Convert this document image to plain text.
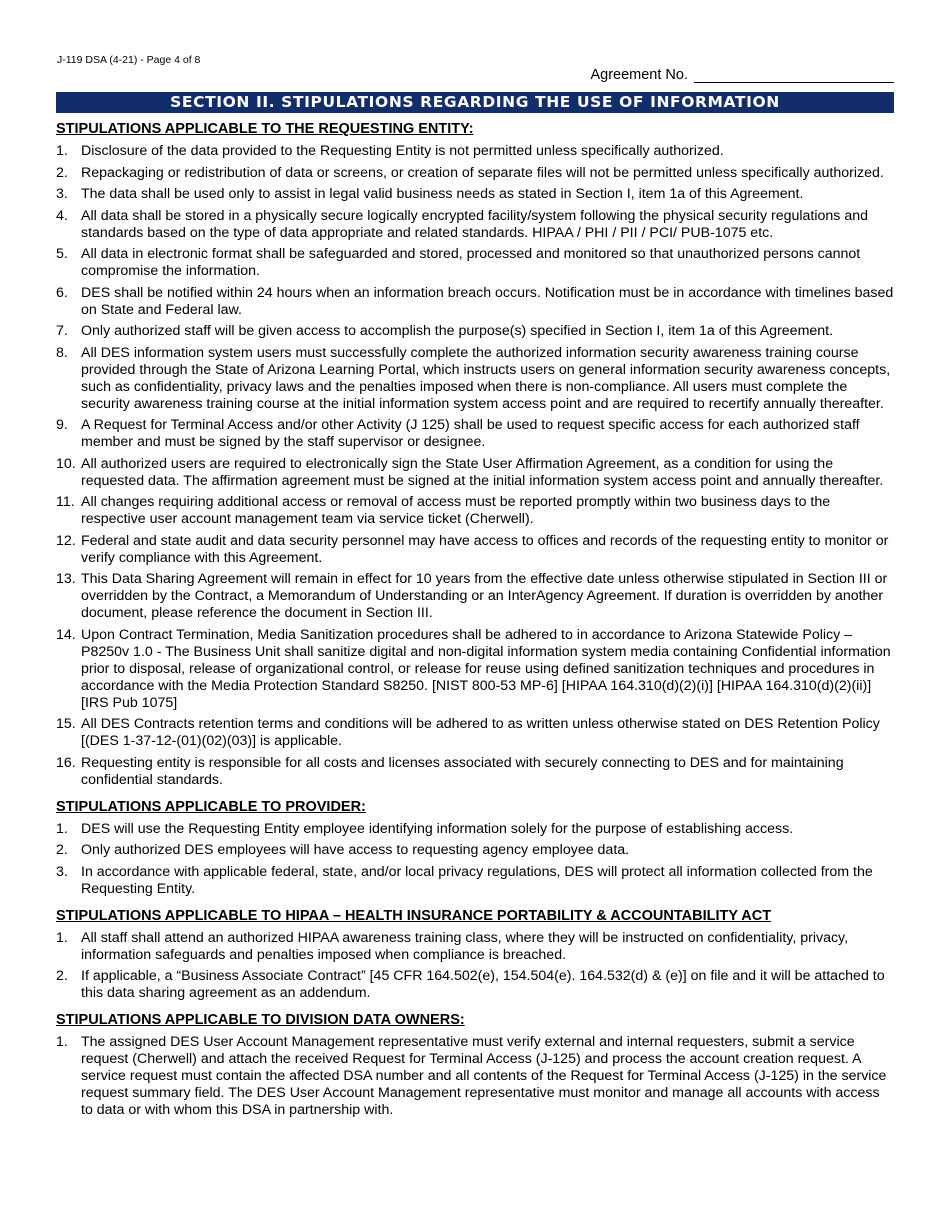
J-119 DSA (4-21) - Page 4 of 8
Agreement No.
SECTION II. STIPULATIONS REGARDING THE USE OF INFORMATION
STIPULATIONS APPLICABLE TO THE REQUESTING ENTITY:
1. Disclosure of the data provided to the Requesting Entity is not permitted unless specifically authorized.
2. Repackaging or redistribution of data or screens, or creation of separate files will not be permitted unless specifically authorized.
3. The data shall be used only to assist in legal valid business needs as stated in Section I, item 1a of this Agreement.
4. All data shall be stored in a physically secure logically encrypted facility/system following the physical security regulations and standards based on the type of data appropriate and related standards. HIPAA / PHI / PII / PCI/ PUB-1075 etc.
5. All data in electronic format shall be safeguarded and stored, processed and monitored so that unauthorized persons cannot compromise the information.
6. DES shall be notified within 24 hours when an information breach occurs. Notification must be in accordance with timelines based on State and Federal law.
7. Only authorized staff will be given access to accomplish the purpose(s) specified in Section I, item 1a of this Agreement.
8. All DES information system users must successfully complete the authorized information security awareness training course provided through the State of Arizona Learning Portal, which instructs users on general information security awareness concepts, such as confidentiality, privacy laws and the penalties imposed when there is non-compliance. All users must complete the security awareness training course at the initial information system access point and are required to recertify annually thereafter.
9. A Request for Terminal Access and/or other Activity (J 125) shall be used to request specific access for each authorized staff member and must be signed by the staff supervisor or designee.
10. All authorized users are required to electronically sign the State User Affirmation Agreement, as a condition for using the requested data. The affirmation agreement must be signed at the initial information system access point and annually thereafter.
11. All changes requiring additional access or removal of access must be reported promptly within two business days to the respective user account management team via service ticket (Cherwell).
12. Federal and state audit and data security personnel may have access to offices and records of the requesting entity to monitor or verify compliance with this Agreement.
13. This Data Sharing Agreement will remain in effect for 10 years from the effective date unless otherwise stipulated in Section III or overridden by the Contract, a Memorandum of Understanding or an InterAgency Agreement. If duration is overridden by another document, please reference the document in Section III.
14. Upon Contract Termination, Media Sanitization procedures shall be adhered to in accordance to Arizona Statewide Policy – P8250v 1.0 - The Business Unit shall sanitize digital and non-digital information system media containing Confidential information prior to disposal, release of organizational control, or release for reuse using defined sanitization techniques and procedures in accordance with the Media Protection Standard S8250. [NIST 800-53 MP-6] [HIPAA 164.310(d)(2)(i)] [HIPAA 164.310(d)(2)(ii)] [IRS Pub 1075]
15. All DES Contracts retention terms and conditions will be adhered to as written unless otherwise stated on DES Retention Policy [(DES 1-37-12-(01)(02)(03)] is applicable.
16. Requesting entity is responsible for all costs and licenses associated with securely connecting to DES and for maintaining confidential standards.
STIPULATIONS APPLICABLE TO PROVIDER:
1. DES will use the Requesting Entity employee identifying information solely for the purpose of establishing access.
2. Only authorized DES employees will have access to requesting agency employee data.
3. In accordance with applicable federal, state, and/or local privacy regulations, DES will protect all information collected from the Requesting Entity.
STIPULATIONS APPLICABLE TO HIPAA – HEALTH INSURANCE PORTABILITY & ACCOUNTABILITY ACT
1. All staff shall attend an authorized HIPAA awareness training class, where they will be instructed on confidentiality, privacy, information safeguards and penalties imposed when compliance is breached.
2. If applicable, a “Business Associate Contract” [45 CFR 164.502(e), 154.504(e). 164.532(d) & (e)] on file and it will be attached to this data sharing agreement as an addendum.
STIPULATIONS APPLICABLE TO DIVISION DATA OWNERS:
1. The assigned DES User Account Management representative must verify external and internal requesters, submit a service request (Cherwell) and attach the received Request for Terminal Access (J-125) and process the account creation request. A service request must contain the affected DSA number and all contents of the Request for Terminal Access (J-125) in the service request summary field. The DES User Account Management representative must monitor and manage all accounts with access to data or with whom this DSA in partnership with.
